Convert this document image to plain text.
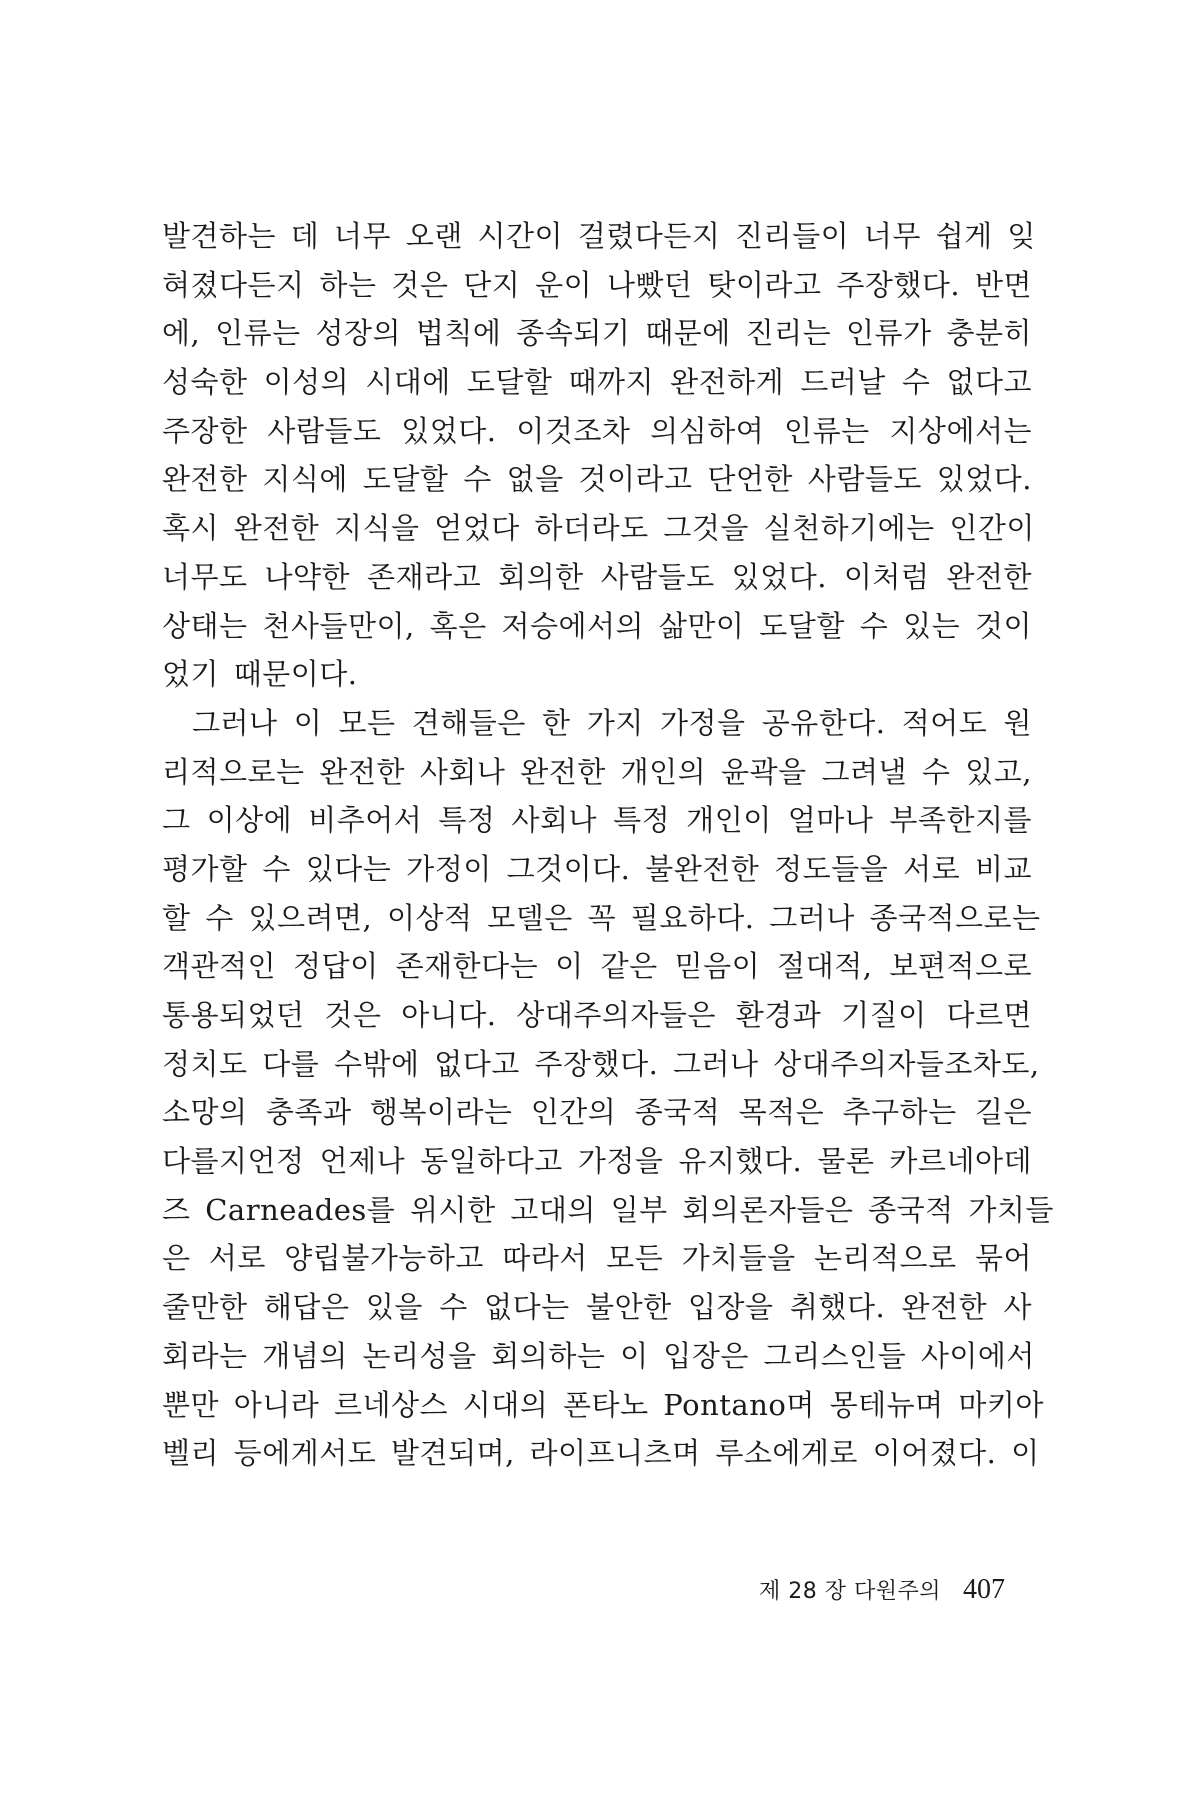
발견하는 데 너무 오랜 시간이 걸렸다든지 진리들이 너무 쉽게 잊
혀졌다든지 하는 것은 단지 운이 나빴던 탓이라고 주장했다. 반면
에, 인류는 성장의 법칙에 종속되기 때문에 진리는 인류가 충분히
성숙한 이성의 시대에 도달할 때까지 완전하게 드러날 수 없다고
주장한 사람들도 있었다. 이것조차 의심하여 인류는 지상에서는
완전한 지식에 도달할 수 없을 것이라고 단언한 사람들도 있었다.
혹시 완전한 지식을 얻었다 하더라도 그것을 실천하기에는 인간이
너무도 나약한 존재라고 회의한 사람들도 있었다. 이처럼 완전한
상태는 천사들만이, 혹은 저승에서의 삶만이 도달할 수 있는 것이
었기 때문이다.
그러나 이 모든 견해들은 한 가지 가정을 공유한다. 적어도 원
리적으로는 완전한 사회나 완전한 개인의 윤곽을 그려낼 수 있고,
그 이상에 비추어서 특정 사회나 특정 개인이 얼마나 부족한지를
평가할 수 있다는 가정이 그것이다. 불완전한 정도들을 서로 비교
할 수 있으려면, 이상적 모델은 꼭 필요하다. 그러나 종국적으로는
객관적인 정답이 존재한다는 이 같은 믿음이 절대적, 보편적으로
통용되었던 것은 아니다. 상대주의자들은 환경과 기질이 다르면
정치도 다를 수밖에 없다고 주장했다. 그러나 상대주의자들조차도,
소망의 충족과 행복이라는 인간의 종국적 목적은 추구하는 길은
다를지언정 언제나 동일하다고 가정을 유지했다. 물론 카르네아데
즈 Carneades를 위시한 고대의 일부 회의론자들은 종국적 가치들
은 서로 양립불가능하고 따라서 모든 가치들을 논리적으로 묶어
줄만한 해답은 있을 수 없다는 불안한 입장을 취했다. 완전한 사
회라는 개념의 논리성을 회의하는 이 입장은 그리스인들 사이에서
뿐만 아니라 르네상스 시대의 폰타노 Pontano며 몽테뉴며 마키아
벨리 등에게서도 발견되며, 라이프니츠며 루소에게로 이어졌다. 이
제 28 장 다원주의 407
